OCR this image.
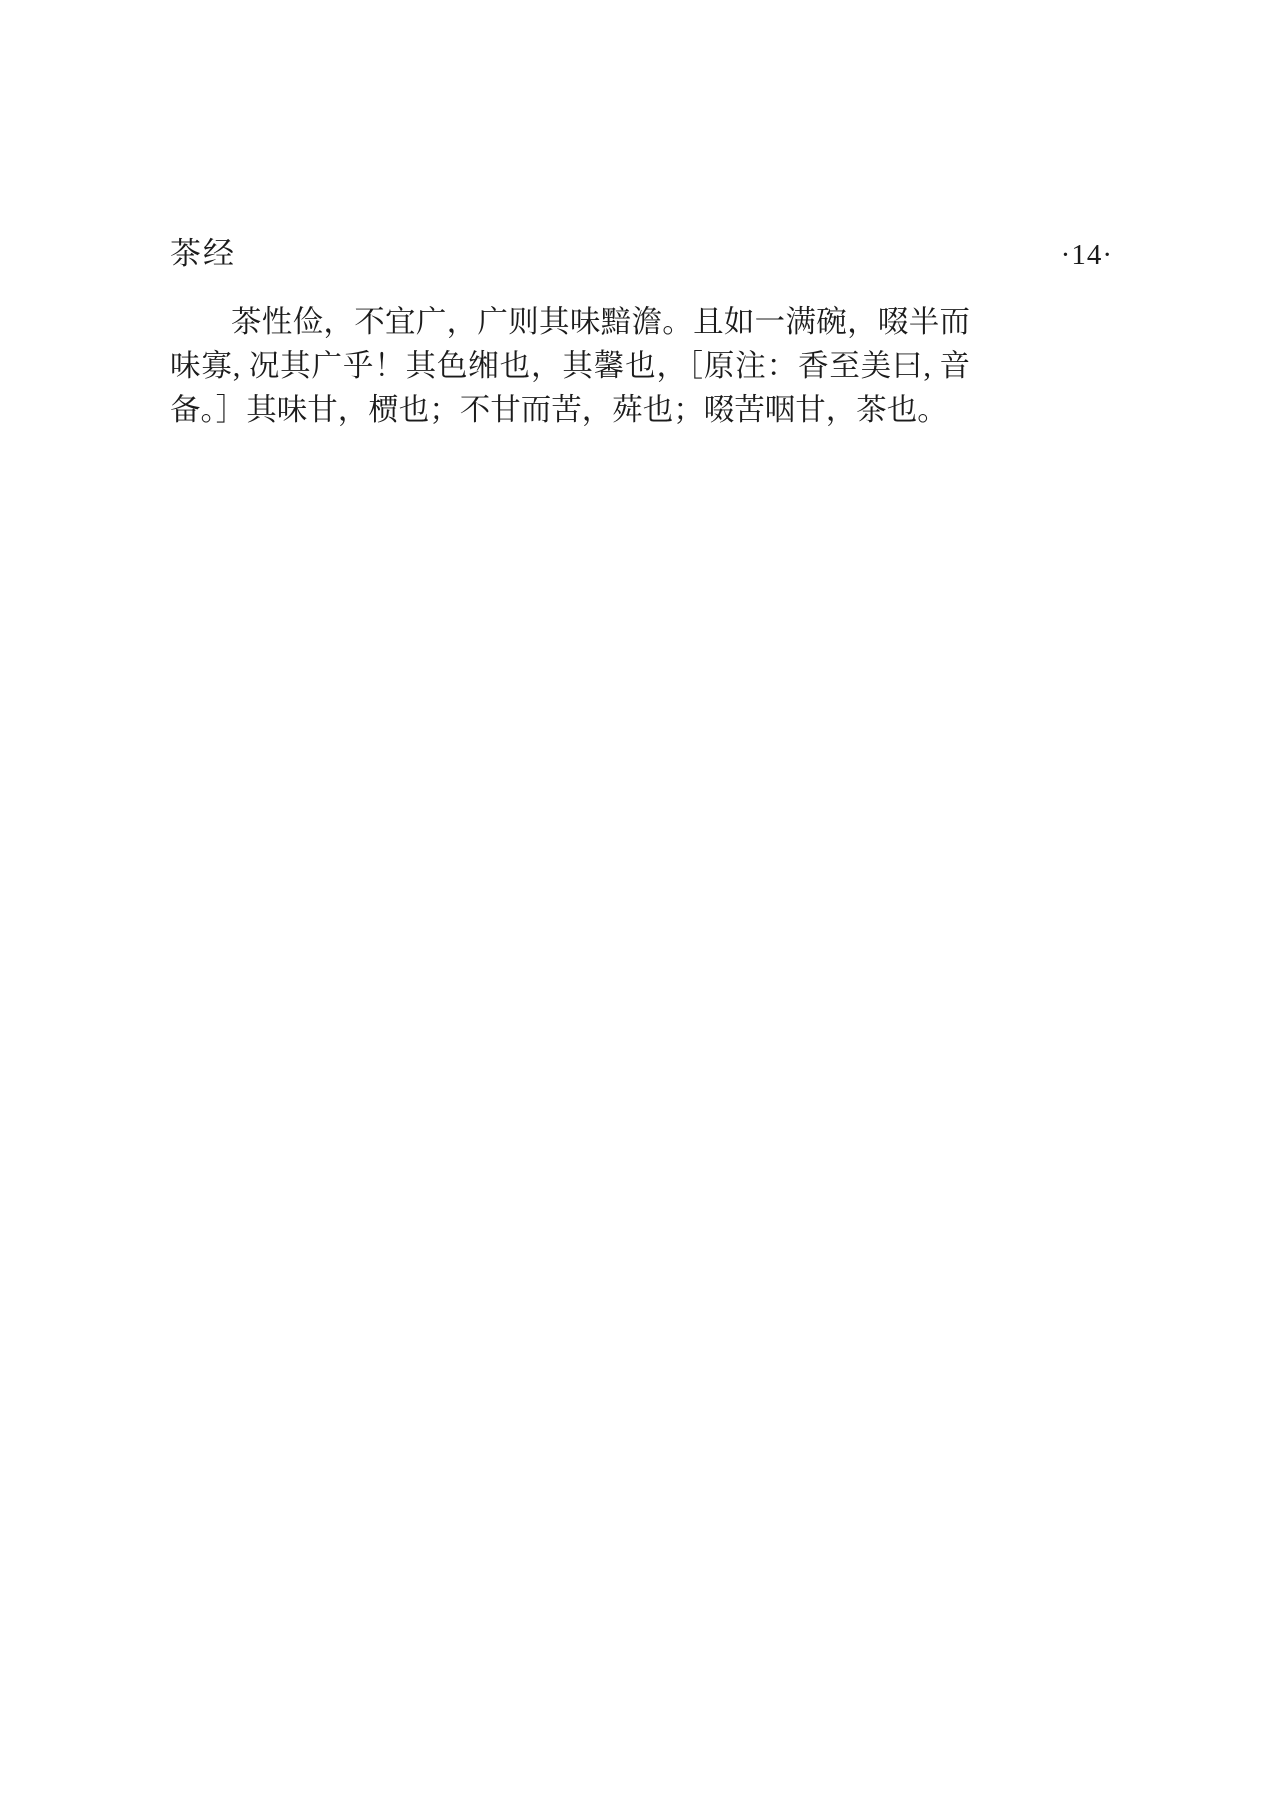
茶经	·14·

茶性俭，不宜广，广则其味黯澹。且如一满碗，啜半而味寡, 况其广乎！其色缃也，其馨也，［原注：香至美曰, 音备。］其味甘，槚也；不甘而苦，荈也；啜苦咽甘，茶也。
